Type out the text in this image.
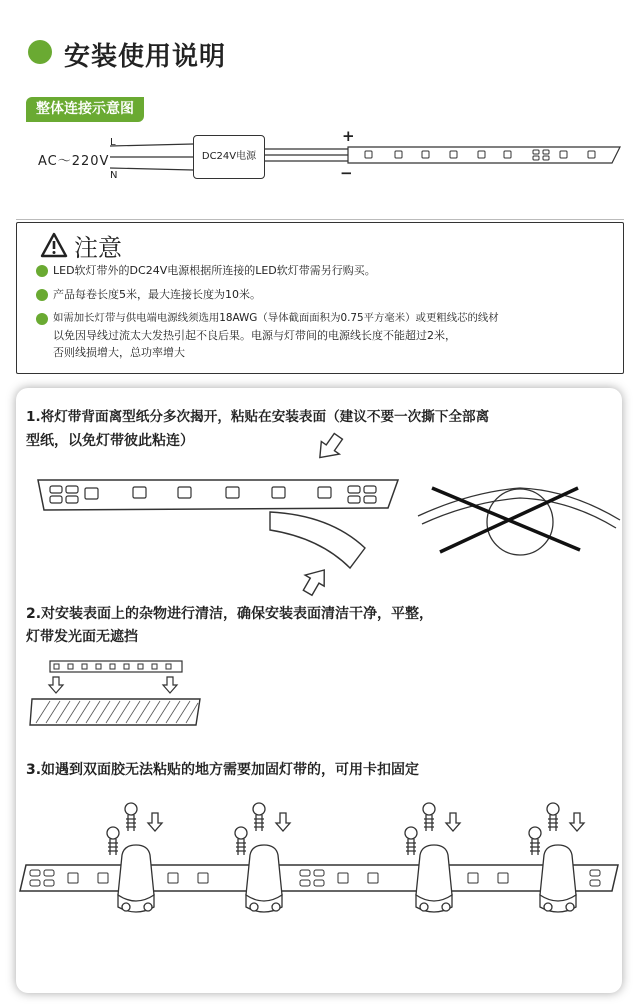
安装使用说明
整体连接示意图
AC～220V
L
N
DC24V电源
+
−
注意
LED软灯带外的DC24V电源根据所连接的LED软灯带需另行购买。
产品每卷长度5米，最大连接长度为10米。
如需加长灯带与供电端电源线须选用18AWG（导体截面面积为0.75平方毫米）或更粗线芯的线材
以免因导线过流太大发热引起不良后果。电源与灯带间的电源线长度不能超过2米，
否则线损增大，总功率增大
1.将灯带背面离型纸分多次揭开，粘贴在安装表面（建议不要一次撕下全部离
型纸，以免灯带彼此粘连）
2.对安装表面上的杂物进行清洁，确保安装表面清洁干净，平整，
灯带发光面无遮挡
3.如遇到双面胶无法粘贴的地方需要加固灯带的，可用卡扣固定
